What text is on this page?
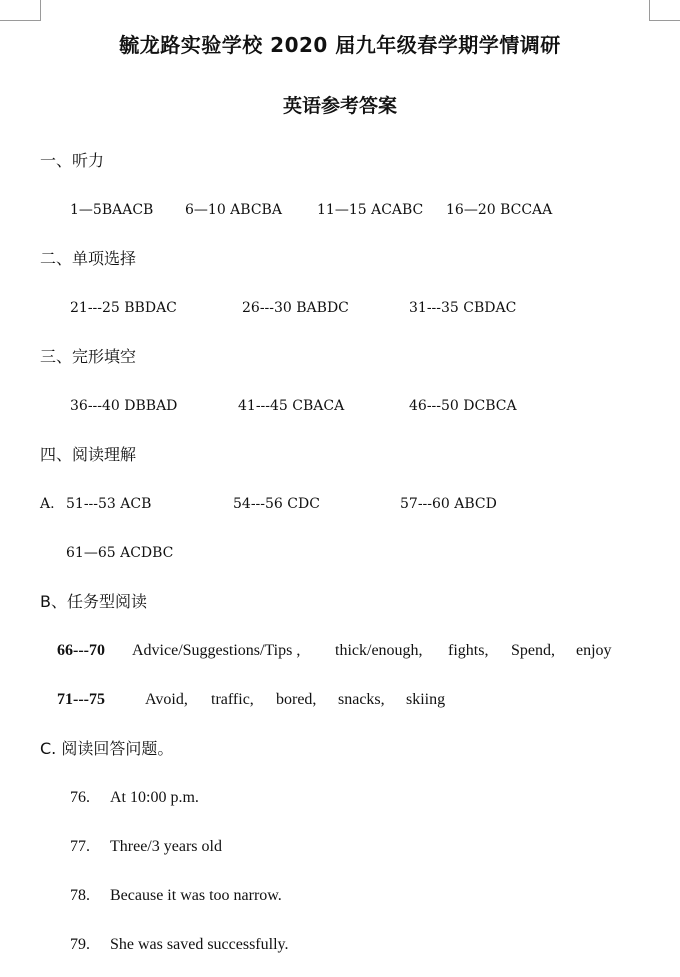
毓龙路实验学校 2020 届九年级春学期学情调研
英语参考答案
一、听力
1—5BAACB 6—10 ABCBA	11—15 ACABC 16—20 BCCAA
二、单项选择
21---25 BBDAC	26---30 BABDC	31---35 CBDAC
三、完形填空
36---40 DBBAD	41---45 CBACA	46---50 DCBCA
四、阅读理解
A. 51---53 ACB	54---56 CDC	57---60 ABCD
61—65 ACDBC
B、任务型阅读
66---70 Advice/Suggestions/Tips , thick/enough, fights, Spend, enjoy
71---75	Avoid, traffic, bored, snacks, skiing
C. 阅读回答问题。
76. At 10:00 p.m.
77. Three/3 years old
78. Because it was too narrow.
79. She was saved successfully.
